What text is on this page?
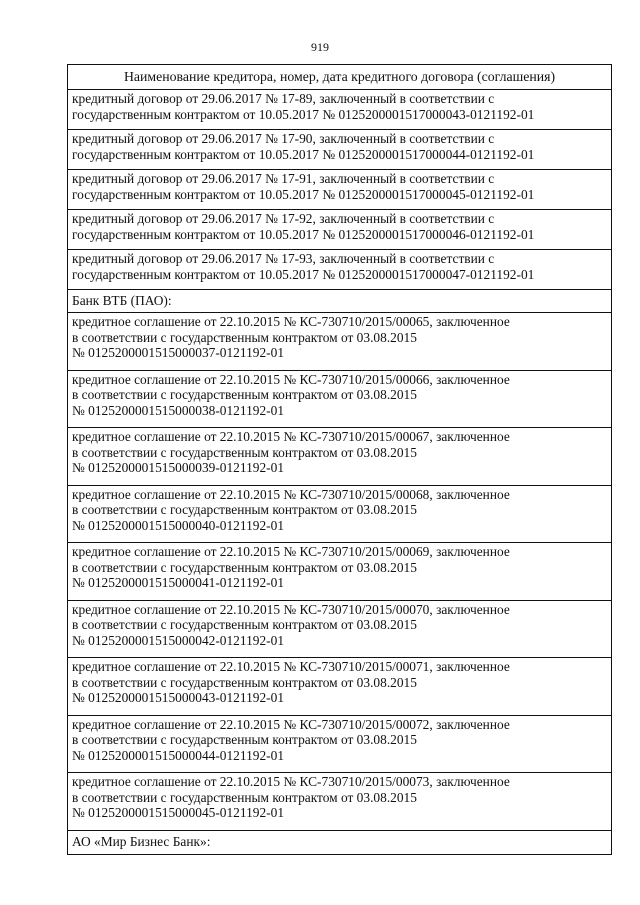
919
Наименование кредитора, номер, дата кредитного договора (соглашения)
кредитный договор от 29.06.2017 № 17-89, заключенный в соответствии с
государственным контрактом от 10.05.2017 № 0125200001517000043-0121192-01
кредитный договор от 29.06.2017 № 17-90, заключенный в соответствии с
государственным контрактом от 10.05.2017 № 0125200001517000044-0121192-01
кредитный договор от 29.06.2017 № 17-91, заключенный в соответствии с
государственным контрактом от 10.05.2017 № 0125200001517000045-0121192-01
кредитный договор от 29.06.2017 № 17-92, заключенный в соответствии с
государственным контрактом от 10.05.2017 № 0125200001517000046-0121192-01
кредитный договор от 29.06.2017 № 17-93, заключенный в соответствии с
государственным контрактом от 10.05.2017 № 0125200001517000047-0121192-01
Банк ВТБ (ПАО):
кредитное соглашение от 22.10.2015 № КС-730710/2015/00065, заключенное
в соответствии с государственным контрактом от 03.08.2015
№ 0125200001515000037-0121192-01
кредитное соглашение от 22.10.2015 № КС-730710/2015/00066, заключенное
в соответствии с государственным контрактом от 03.08.2015
№ 0125200001515000038-0121192-01
кредитное соглашение от 22.10.2015 № КС-730710/2015/00067, заключенное
в соответствии с государственным контрактом от 03.08.2015
№ 0125200001515000039-0121192-01
кредитное соглашение от 22.10.2015 № КС-730710/2015/00068, заключенное
в соответствии с государственным контрактом от 03.08.2015
№ 0125200001515000040-0121192-01
кредитное соглашение от 22.10.2015 № КС-730710/2015/00069, заключенное
в соответствии с государственным контрактом от 03.08.2015
№ 0125200001515000041-0121192-01
кредитное соглашение от 22.10.2015 № КС-730710/2015/00070, заключенное
в соответствии с государственным контрактом от 03.08.2015
№ 0125200001515000042-0121192-01
кредитное соглашение от 22.10.2015 № КС-730710/2015/00071, заключенное
в соответствии с государственным контрактом от 03.08.2015
№ 0125200001515000043-0121192-01
кредитное соглашение от 22.10.2015 № КС-730710/2015/00072, заключенное
в соответствии с государственным контрактом от 03.08.2015
№ 0125200001515000044-0121192-01
кредитное соглашение от 22.10.2015 № КС-730710/2015/00073, заключенное
в соответствии с государственным контрактом от 03.08.2015
№ 0125200001515000045-0121192-01
АО «Мир Бизнес Банк»:
